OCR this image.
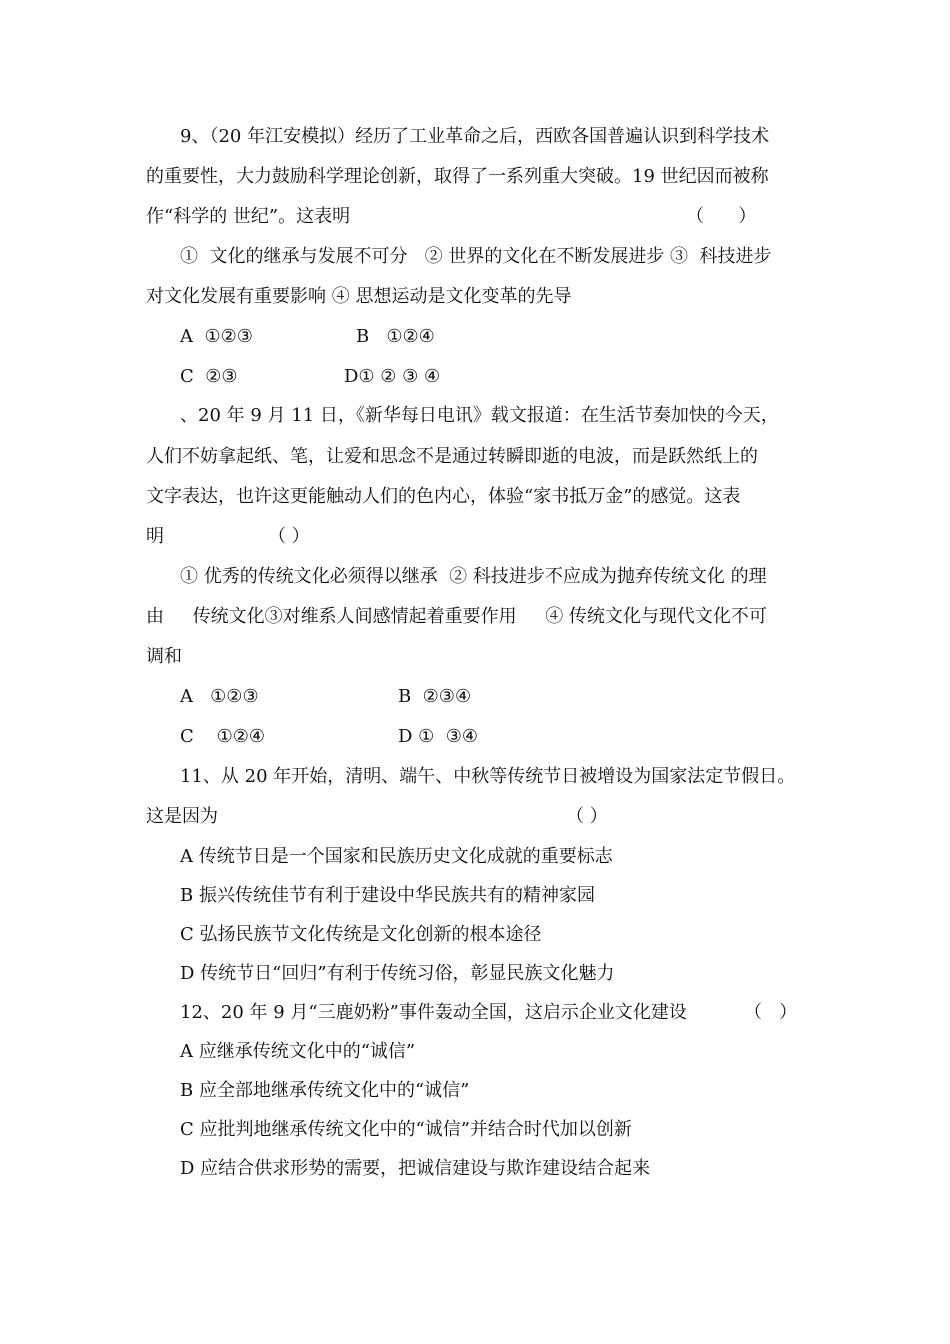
9、（20 年江安模拟）经历了工业革命之后，西欧各国普遍认识到科学技术
的重要性，大力鼓励科学理论创新，取得了一系列重大突破。19 世纪因而被称
作“科学的 世纪”。这表明	（      ）
①  文化的继承与发展不可分   ② 世界的文化在不断发展进步 ③  科技进步
对文化发展有重要影响 ④ 思想运动是文化变革的先导
A  ①②③	B   ①②④
C  ②③	D① ② ③ ④
、20 年 9 月 11 日，《新华每日电讯》载文报道：在生活节奏加快的今天，
人们不妨拿起纸、笔，让爱和思念不是通过转瞬即逝的电波，而是跃然纸上的
文字表达，也许这更能触动人们的色内心，体验“家书抵万金”的感觉。这表
明	（ ）
① 优秀的传统文化必须得以继承  ② 科技进步不应成为抛弃传统文化 的理
由     传统文化③对维系人间感情起着重要作用     ④ 传统文化与现代文化不可
调和
A   ①②③	B  ②③④
C    ①②④	D ①  ③④
11、从 20 年开始，清明、端午、中秋等传统节日被增设为国家法定节假日。
这是因为	（ ）
A 传统节日是一个国家和民族历史文化成就的重要标志
B 振兴传统佳节有利于建设中华民族共有的精神家园
C 弘扬民族节文化传统是文化创新的根本途径
D 传统节日“回归”有利于传统习俗，彰显民族文化魅力
12、20 年 9 月“三鹿奶粉”事件轰动全国，这启示企业文化建设	（   ）
A 应继承传统文化中的“诚信”
B 应全部地继承传统文化中的“诚信”
C 应批判地继承传统文化中的“诚信”并结合时代加以创新
D 应结合供求形势的需要，把诚信建设与欺诈建设结合起来
